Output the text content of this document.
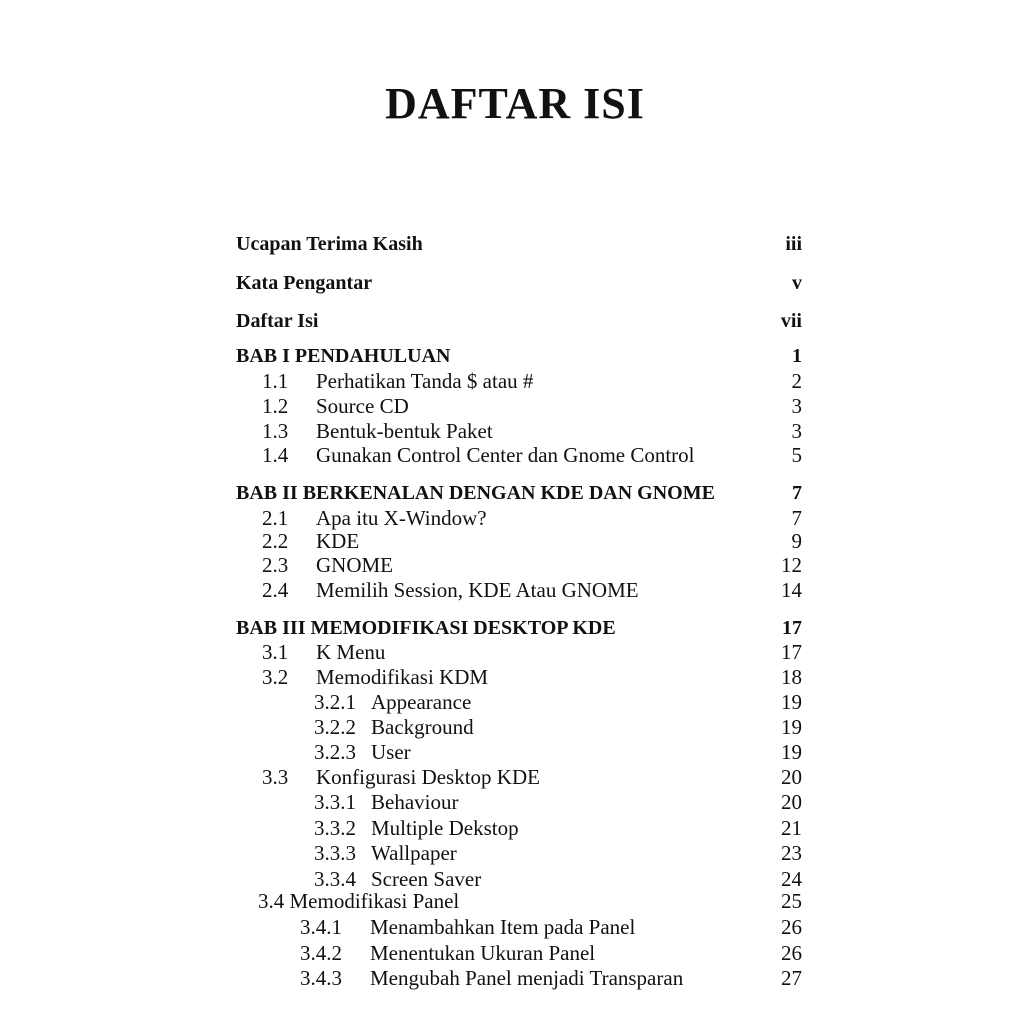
DAFTAR ISI
Ucapan Terima Kasih	iii
Kata Pengantar	v
Daftar Isi	vii
BAB I PENDAHULUAN	1
1.1 Perhatikan Tanda $ atau #	2
1.2 Source CD	3
1.3 Bentuk-bentuk Paket	3
1.4 Gunakan Control Center dan Gnome Control	5
BAB II BERKENALAN DENGAN KDE DAN GNOME	7
2.1 Apa itu X-Window?	7
2.2 KDE	9
2.3 GNOME	12
2.4 Memilih Session, KDE Atau GNOME	14
BAB III MEMODIFIKASI DESKTOP KDE	17
3.1 K Menu	17
3.2 Memodifikasi KDM	18
3.2.1 Appearance	19
3.2.2 Background	19
3.2.3 User	19
3.3 Konfigurasi Desktop KDE	20
3.3.1 Behaviour	20
3.3.2 Multiple Dekstop	21
3.3.3 Wallpaper	23
3.3.4 Screen Saver	24
3.4 Memodifikasi Panel	25
3.4.1 Menambahkan Item pada Panel	26
3.4.2 Menentukan Ukuran Panel	26
3.4.3 Mengubah Panel menjadi Transparan	27
